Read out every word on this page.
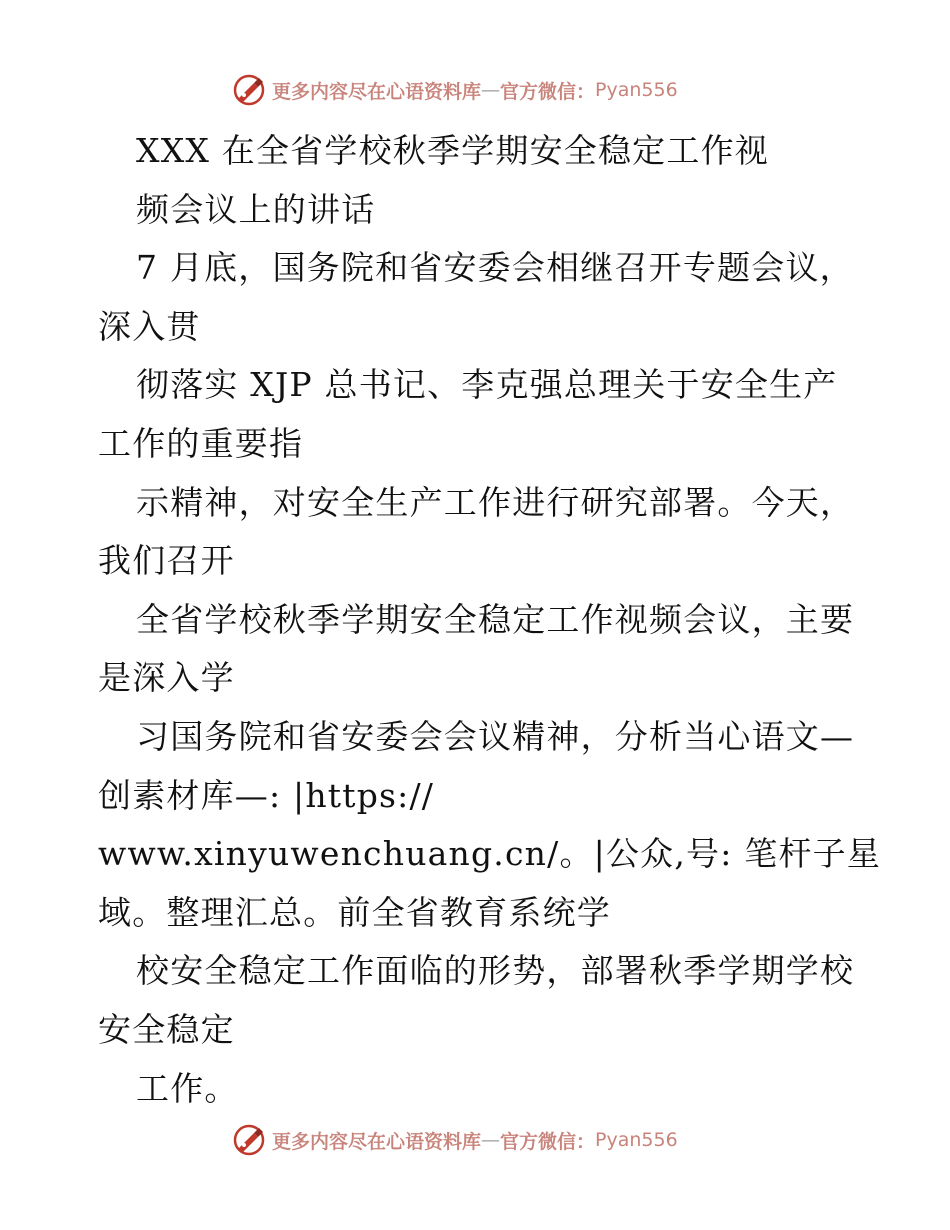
更多内容尽在心语资料库 — 官方微信： Pyan556
XXX 在全省学校秋季学期安全稳定工作视
频会议上的讲话
7 月底，国务院和省安委会相继召开专题会议，
深入贯
彻落实 XJP 总书记、李克强总理关于安全生产
工作的重要指
示精神，对安全生产工作进行研究部署。今天，
我们召开
全省学校秋季学期安全稳定工作视频会议，主要
是深入学
习国务院和省安委会会议精神，分析当心语文—
创素材库—: |https://
www.xinyuwenchuang.cn/。|公众,号: 笔杆子星
域。整理汇总。前全省教育系统学
校安全稳定工作面临的形势，部署秋季学期学校
安全稳定
工作。
更多内容尽在心语资料库 — 官方微信： Pyan556
